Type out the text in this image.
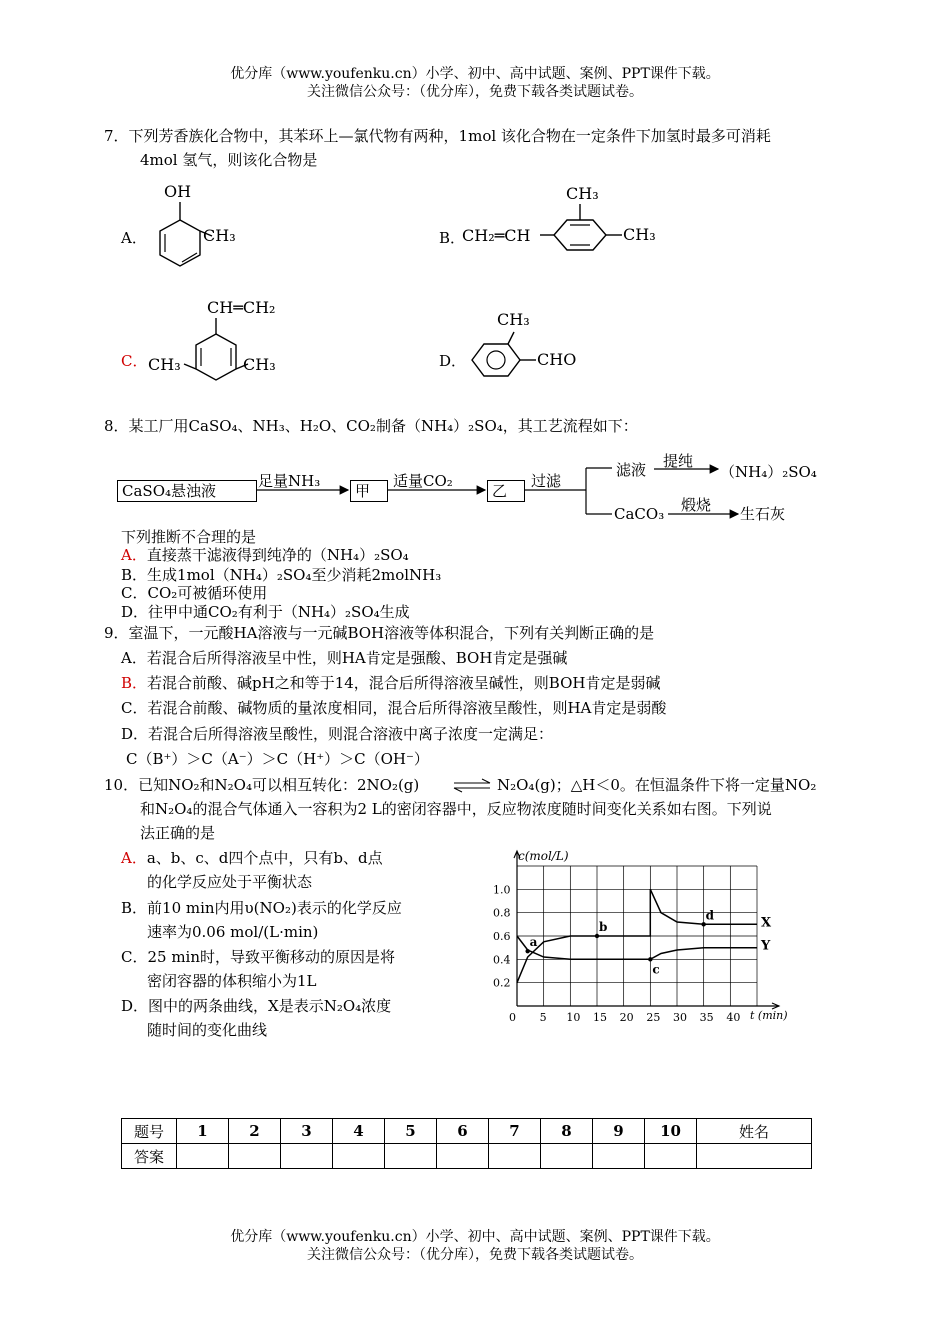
优分库（www.youfenku.cn）小学、初中、高中试题、案例、PPT课件下载。
关注微信公众号：（优分库），免费下载各类试题试卷。
7．下列芳香族化合物中，其苯环上—氯代物有两种，1mol 该化合物在一定条件下加氢时最多可消耗
4mol 氢气，则该化合物是
A．
OH
CH₃	B．
CH₂═CH
CH₃
CH₃
C．
CH═CH₂
CH₃	CH₃	D．
CH₃
CHO
8．某工厂用CaSO₄、NH₃、H₂O、CO₂制备（NH₄）₂SO₄，其工艺流程如下：
CaSO₄悬浊液
足量NH₃
甲
适量CO₂
乙
过滤
滤液 提纯
（NH₄）₂SO₄
CaCO₃ 煅烧 生石灰
下列推断不合理的是
A．直接蒸干滤液得到纯净的（NH₄）₂SO₄
B．生成1mol（NH₄）₂SO₄至少消耗2molNH₃
C．CO₂可被循环使用
D．往甲中通CO₂有利于（NH₄）₂SO₄生成
9．室温下，一元酸HA溶液与一元碱BOH溶液等体积混合，下列有关判断正确的是
A．若混合后所得溶液呈中性，则HA肯定是强酸、BOH肯定是强碱
B．若混合前酸、碱pH之和等于14，混合后所得溶液呈碱性，则BOH肯定是弱碱
C．若混合前酸、碱物质的量浓度相同，混合后所得溶液呈酸性，则HA肯定是弱酸
D．若混合后所得溶液呈酸性，则混合溶液中离子浓度一定满足：
C（B⁺）＞C（A⁻）＞C（H⁺）＞C（OH⁻）
10．已知NO₂和N₂O₄可以相互转化：2NO₂(g) ⇌ N₂O₄(g)；△H＜0。在恒温条件下将一定量NO₂
和N₂O₄的混合气体通入一容积为2 L的密闭容器中，反应物浓度随时间变化关系如右图。下列说
法正确的是
A．a、b、c、d四个点中，只有b、d点
的化学反应处于平衡状态
B．前10 min内用υ(NO₂)表示的化学反应
速率为0.06 mol/(L·min)
C．25 min时，导致平衡移动的原因是将
密闭容器的体积缩小为1L
D．图中的两条曲线，X是表示N₂O₄浓度
随时间的变化曲线
0 5 10 15 20 25 30 35 40
0.2
0.4
0.6
0.8
1.0
X
Y
a
b
c
d
c(mol/L)
t (min)
题号	1	2	3	4	5	6	7	8	9	10	姓名
答案											
优分库（www.youfenku.cn）小学、初中、高中试题、案例、PPT课件下载。
关注微信公众号：（优分库），免费下载各类试题试卷。
